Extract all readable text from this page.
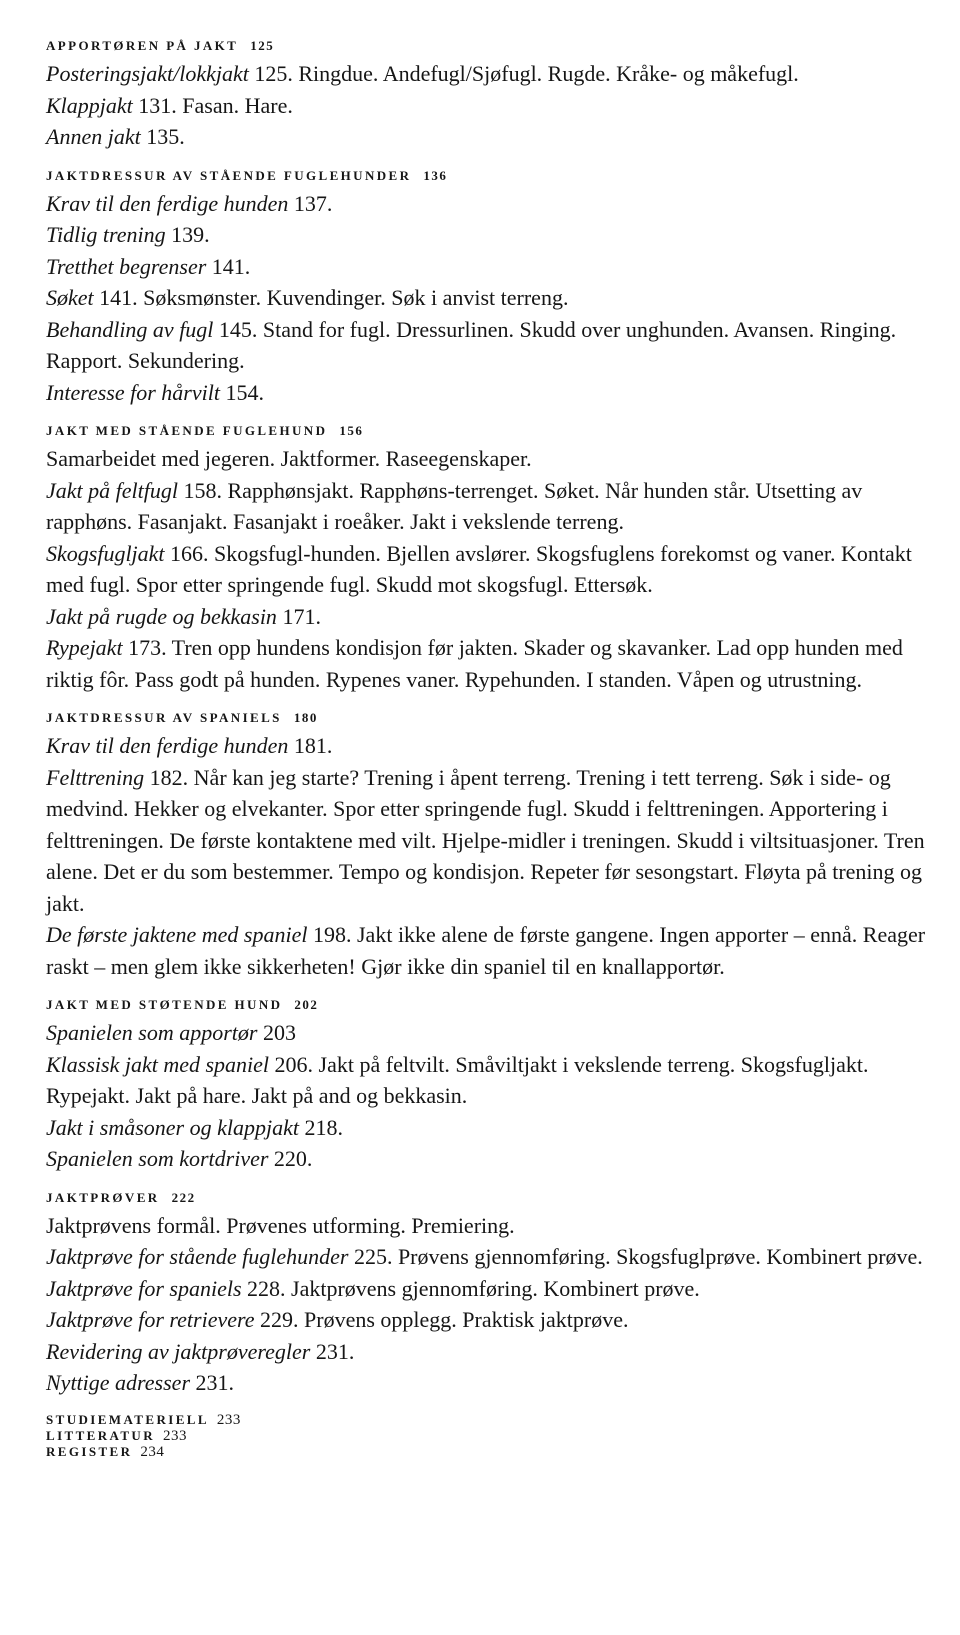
APPORTØREN PÅ JAKT 125

Posteringsjakt/lokkjakt 125. Ringdue. Andefugl/Sjøfugl. Rugde. Kråke- og måkefugl.

Klappjakt 131. Fasan. Hare.

Annen jakt 135.

JAKTDRESSUR AV STÅENDE FUGLEHUNDER 136

Krav til den ferdige hunden 137.

Tidlig trening 139.

Tretthet begrenser 141.

Søket 141. Søksmønster. Kuvendinger. Søk i anvist terreng.

Behandling av fugl 145. Stand for fugl. Dressurlinen. Skudd over unghunden. Avansen. Ringing. Rapport. Sekundering.

Interesse for hårvilt 154.

JAKT MED STÅENDE FUGLEHUND 156

Samarbeidet med jegeren. Jaktformer. Raseegenskaper.

Jakt på feltfugl 158. Rapphønsjakt. Rapphøns-terrenget. Søket. Når hunden står. Utsetting av rapphøns. Fasanjakt. Fasanjakt i roeåker. Jakt i vekslende terreng.

Skogsfugljakt 166. Skogsfugl-hunden. Bjellen avslører. Skogsfuglens forekomst og vaner. Kontakt med fugl. Spor etter springende fugl. Skudd mot skogsfugl. Ettersøk.

Jakt på rugde og bekkasin 171.

Rypejakt 173. Tren opp hundens kondisjon før jakten. Skader og skavanker. Lad opp hunden med riktig fôr. Pass godt på hunden. Rypenes vaner. Rypehunden. I standen. Våpen og utrustning.

JAKTDRESSUR AV SPANIELS 180

Krav til den ferdige hunden 181.

Felttrening 182. Når kan jeg starte? Trening i åpent terreng. Trening i tett terreng. Søk i side- og medvind. Hekker og elvekanter. Spor etter springende fugl. Skudd i felttreningen. Apportering i felttreningen. De første kontaktene med vilt. Hjelpe-midler i treningen. Skudd i viltsituasjoner. Tren alene. Det er du som bestemmer. Tempo og kondisjon. Repeter før sesongstart. Fløyta på trening og jakt.

De første jaktene med spaniel 198. Jakt ikke alene de første gangene. Ingen apporter – ennå. Reager raskt – men glem ikke sikkerheten! Gjør ikke din spaniel til en knallapportør.

JAKT MED STØTENDE HUND 202

Spanielen som apportør 203

Klassisk jakt med spaniel 206. Jakt på feltvilt. Småviltjakt i vekslende terreng. Skogsfugljakt. Rypejakt. Jakt på hare. Jakt på and og bekkasin.

Jakt i småsoner og klappjakt 218.

Spanielen som kortdriver 220.

JAKTPRØVER 222

Jaktprøvens formål. Prøvenes utforming. Premiering.

Jaktprøve for stående fuglehunder 225. Prøvens gjennomføring. Skogsfuglprøve. Kombinert prøve.

Jaktprøve for spaniels 228. Jaktprøvens gjennomføring. Kombinert prøve.

Jaktprøve for retrievere 229. Prøvens opplegg. Praktisk jaktprøve.

Revidering av jaktprøveregler 231.

Nyttige adresser 231.

STUDIEMATERIELL 233
LITTERATUR 233
REGISTER 234
